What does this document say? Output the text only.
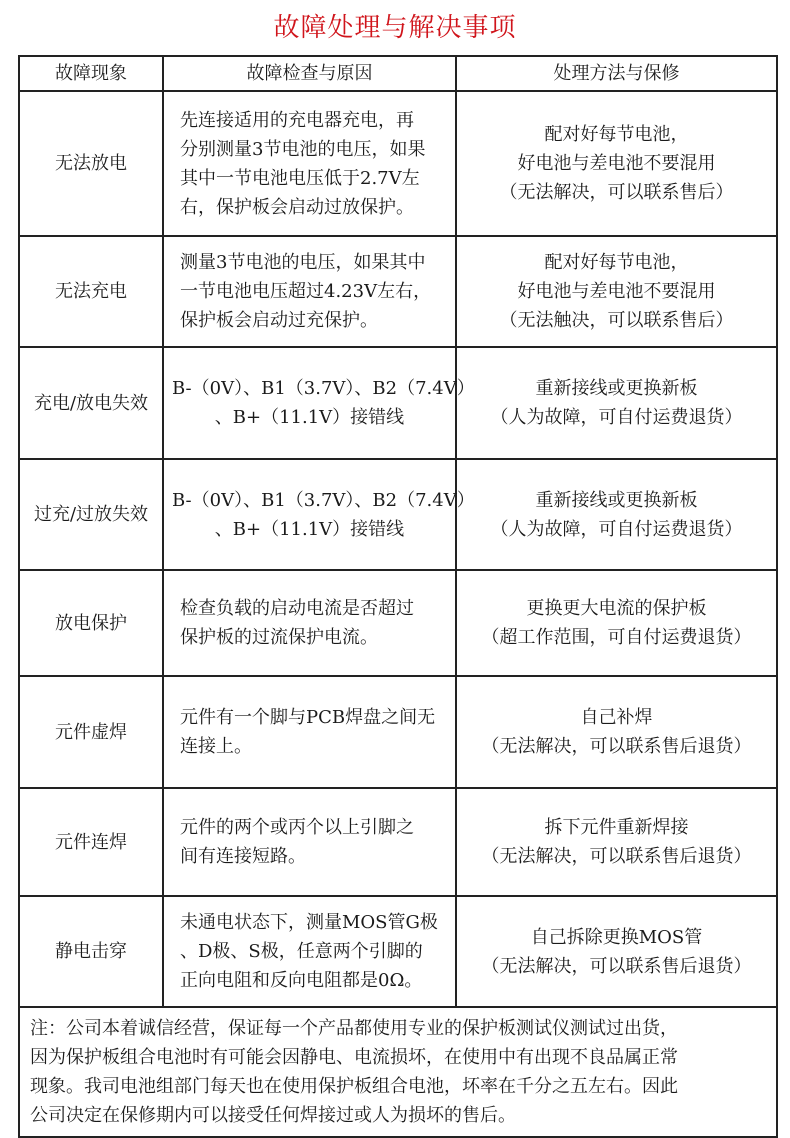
故障处理与解决事项
故障现象	故障检查与原因	处理方法与保修
无法放电	先连接适用的充电器充电，再
分别测量3节电池的电压，如果
其中一节电池电压低于2.7V左
右，保护板会启动过放保护。	配对好每节电池，
好电池与差电池不要混用
（无法解决，可以联系售后）

无法充电	测量3节电池的电压，如果其中
一节电池电压超过4.23V左右，
保护板会启动过充保护。	配对好每节电池，
好电池与差电池不要混用
（无法触决，可以联系售后）

充电/放电失效	B-（0V）、B1（3.7V）、B2（7.4V）
、B+（11.1V）接错线	重新接线或更换新板
（人为故障，可自付运费退货）

过充/过放失效	B-（0V）、B1（3.7V）、B2（7.4V）
、B+（11.1V）接错线	重新接线或更换新板
（人为故障，可自付运费退货）

放电保护	检查负载的启动电流是否超过
保护板的过流保护电流。	更换更大电流的保护板
（超工作范围，可自付运费退货）

元件虚焊	元件有一个脚与PCB焊盘之间无
连接上。	自己补焊
（无法解决，可以联系售后退货）

元件连焊	元件的两个或丙个以上引脚之
间有连接短路。	拆下元件重新焊接
（无法解决，可以联系售后退货）

静电击穿	未通电状态下，测量MOS管G极
、D极、S极，任意两个引脚的
正向电阻和反向电阻都是0Ω。	自己拆除更换MOS管
（无法解决，可以联系售后退货）

注：公司本着诚信经营，保证每一个产品都使用专业的保护板测试仪测试过出货，
因为保护板组合电池时有可能会因静电、电流损坏，在使用中有出现不良品属正常
现象。我司电池组部门每天也在使用保护板组合电池，坏率在千分之五左右。因此
公司决定在保修期内可以接受任何焊接过或人为损坏的售后。		
